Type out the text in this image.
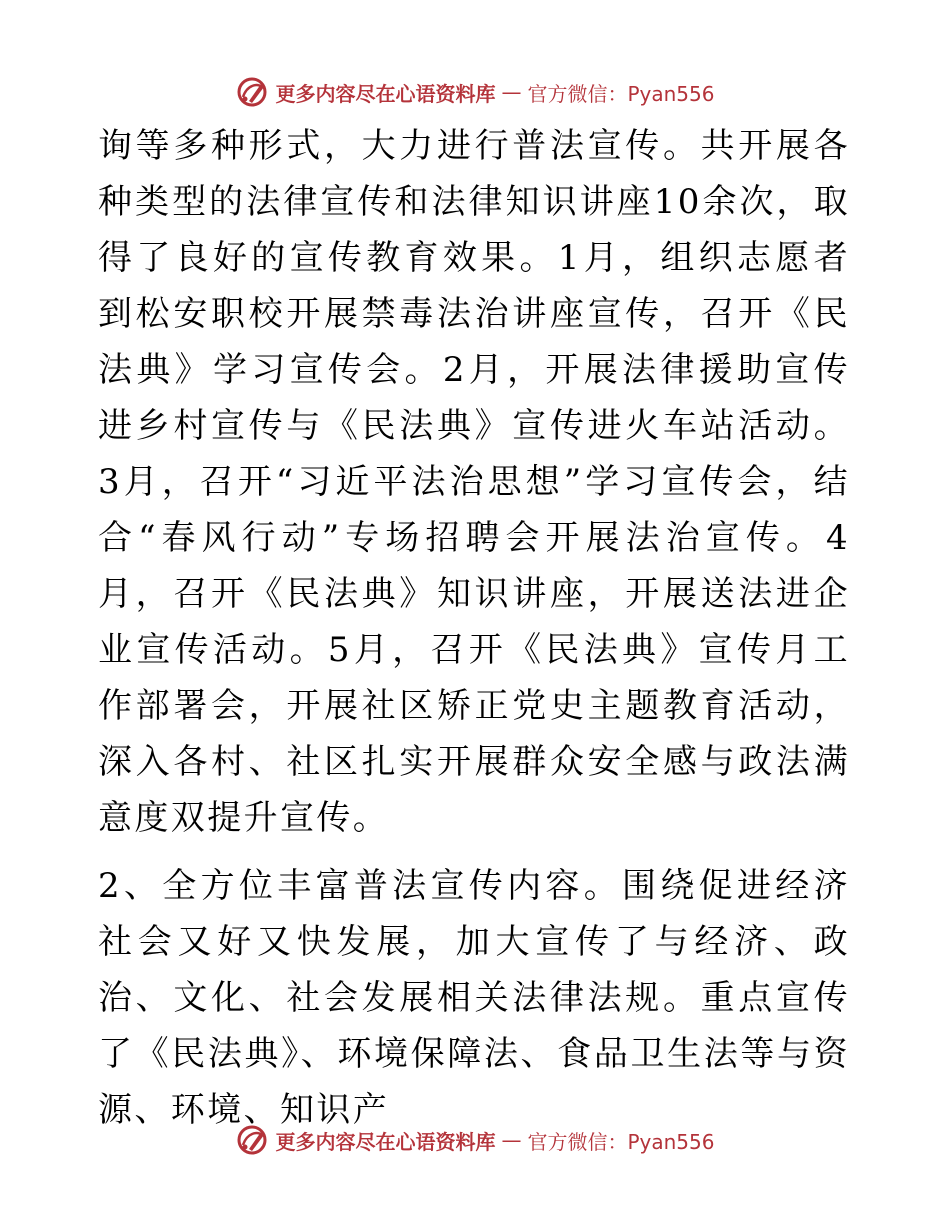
更多内容尽在心语资料库 — 官方微信：Pyan556

询等多种形式，大力进行普法宣传。共开展各种类型的法律宣传和法律知识讲座10余次，取得了良好的宣传教育效果。1月，组织志愿者到松安职校开展禁毒法治讲座宣传，召开《民法典》学习宣传会。2月，开展法律援助宣传进乡村宣传与《民法典》宣传进火车站活动。3月，召开“习近平法治思想”学习宣传会，结合“春风行动”专场招聘会开展法治宣传。4月，召开《民法典》知识讲座，开展送法进企业宣传活动。5月，召开《民法典》宣传月工作部署会，开展社区矫正党史主题教育活动，深入各村、社区扎实开展群众安全感与政法满意度双提升宣传。

2、全方位丰富普法宣传内容。围绕促进经济社会又好又快发展，加大宣传了与经济、政治、文化、社会发展相关法律法规。重点宣传了《民法典》、环境保障法、食品卫生法等与资源、环境、知识产

更多内容尽在心语资料库 — 官方微信：Pyan556
